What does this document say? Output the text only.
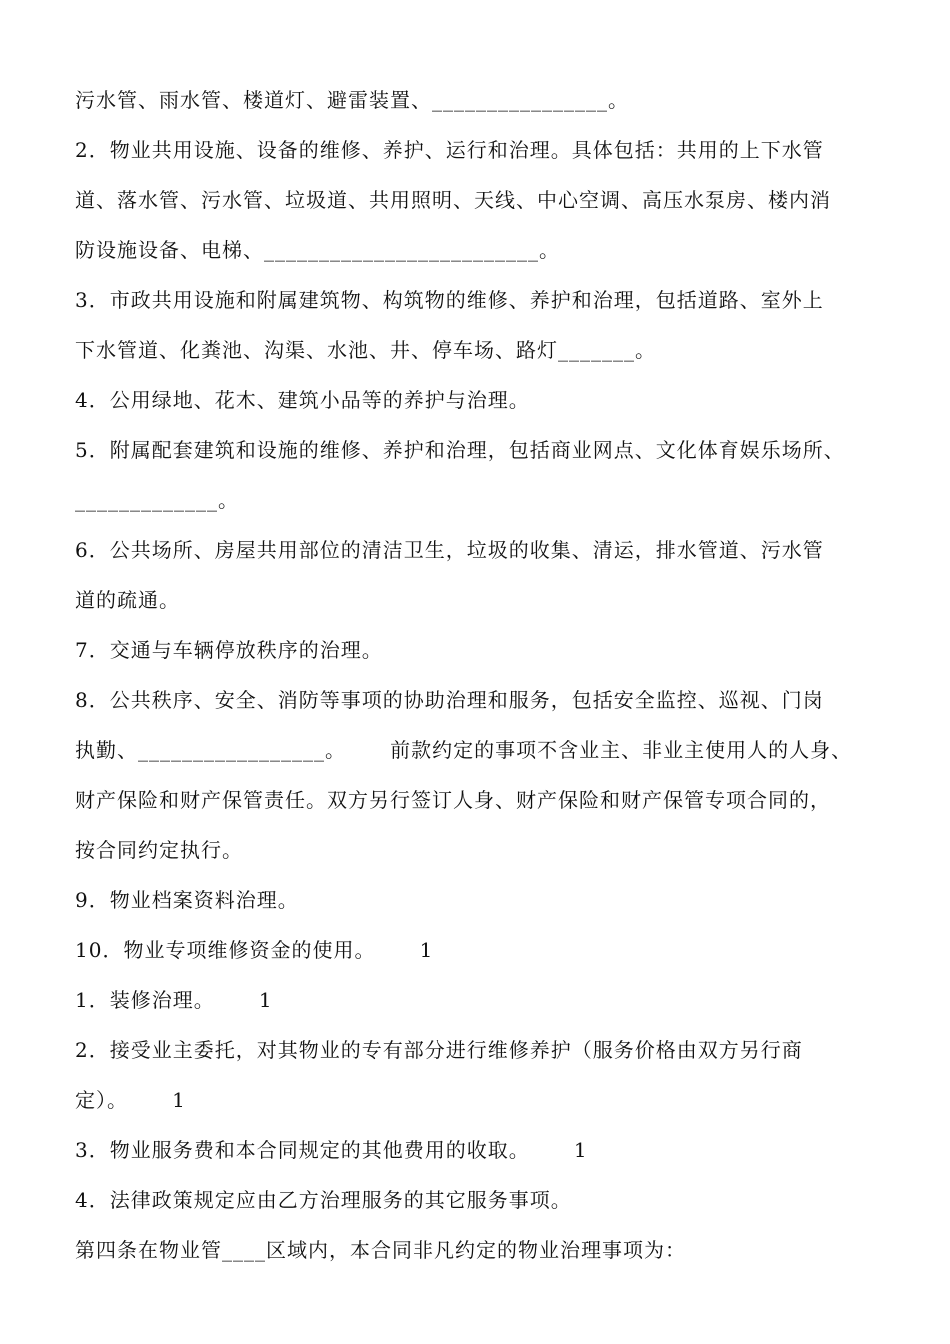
污水管、雨水管、楼道灯、避雷装置、________________。
2．物业共用设施、设备的维修、养护、运行和治理。具体包括：共用的上下水管
道、落水管、污水管、垃圾道、共用照明、天线、中心空调、高压水泵房、楼内消
防设施设备、电梯、_________________________。
3．市政共用设施和附属建筑物、构筑物的维修、养护和治理，包括道路、室外上
下水管道、化粪池、沟渠、水池、井、停车场、路灯_______。
4．公用绿地、花木、建筑小品等的养护与治理。
5．附属配套建筑和设施的维修、养护和治理，包括商业网点、文化体育娱乐场所、
_____________。
6．公共场所、房屋共用部位的清洁卫生，垃圾的收集、清运，排水管道、污水管
道的疏通。
7．交通与车辆停放秩序的治理。
8．公共秩序、安全、消防等事项的协助治理和服务，包括安全监控、巡视、门岗
执勤、_________________。      前款约定的事项不含业主、非业主使用人的人身、
财产保险和财产保管责任。双方另行签订人身、财产保险和财产保管专项合同的，
按合同约定执行。
9．物业档案资料治理。
10．物业专项维修资金的使用。      1
1．装修治理。      1
2．接受业主委托，对其物业的专有部分进行维修养护（服务价格由双方另行商
定）。      1
3．物业服务费和本合同规定的其他费用的收取。      1
4．法律政策规定应由乙方治理服务的其它服务事项。
第四条在物业管____区域内，本合同非凡约定的物业治理事项为：
